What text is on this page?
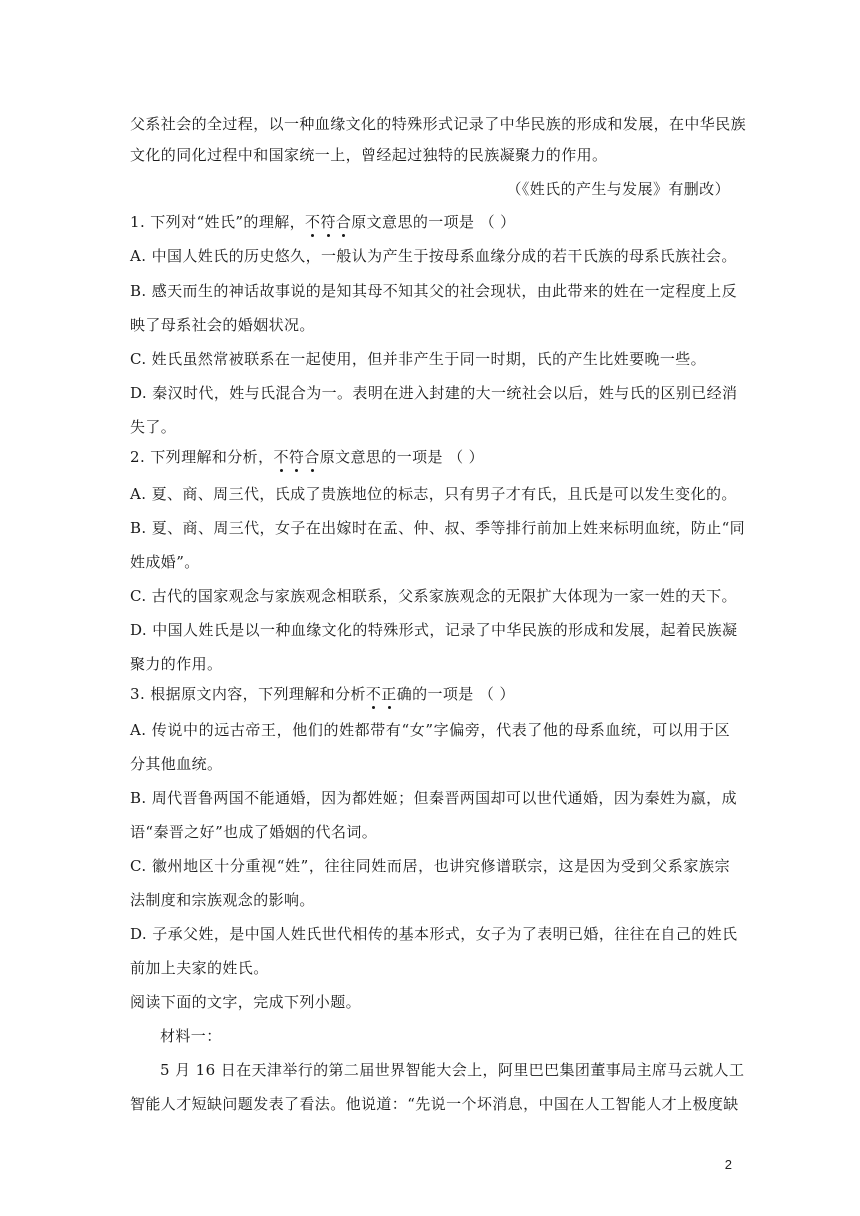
父系社会的全过程，以一种血缘文化的特殊形式记录了中华民族的形成和发展，在中华民族
文化的同化过程中和国家统一上，曾经起过独特的民族凝聚力的作用。
（《姓氏的产生与发展》有删改）
1. 下列对“姓氏”的理解，不符合原文意思的一项是 （ ）
A. 中国人姓氏的历史悠久，一般认为产生于按母系血缘分成的若干氏族的母系氏族社会。
B. 感天而生的神话故事说的是知其母不知其父的社会现状，由此带来的姓在一定程度上反
映了母系社会的婚姻状况。
C. 姓氏虽然常被联系在一起使用，但并非产生于同一时期，氏的产生比姓要晚一些。
D. 秦汉时代，姓与氏混合为一。表明在进入封建的大一统社会以后，姓与氏的区别已经消
失了。
2. 下列理解和分析，不符合原文意思的一项是 （ ）
A. 夏、商、周三代，氏成了贵族地位的标志，只有男子才有氏，且氏是可以发生变化的。
B. 夏、商、周三代，女子在出嫁时在孟、仲、叔、季等排行前加上姓来标明血统，防止“同
姓成婚”。
C. 古代的国家观念与家族观念相联系，父系家族观念的无限扩大体现为一家一姓的天下。
D. 中国人姓氏是以一种血缘文化的特殊形式，记录了中华民族的形成和发展，起着民族凝
聚力的作用。
3. 根据原文内容，下列理解和分析不正确的一项是 （ ）
A. 传说中的远古帝王，他们的姓都带有“女”字偏旁，代表了他的母系血统，可以用于区
分其他血统。
B. 周代晋鲁两国不能通婚，因为都姓姬；但秦晋两国却可以世代通婚，因为秦姓为嬴，成
语“秦晋之好”也成了婚姻的代名词。
C. 徽州地区十分重视“姓”，往往同姓而居，也讲究修谱联宗，这是因为受到父系家族宗
法制度和宗族观念的影响。
D. 子承父姓，是中国人姓氏世代相传的基本形式，女子为了表明已婚，往往在自己的姓氏
前加上夫家的姓氏。
阅读下面的文字，完成下列小题。
材料一：
5 月 16 日在天津举行的第二届世界智能大会上，阿里巴巴集团董事局主席马云就人工
智能人才短缺问题发表了看法。他说道：“先说一个坏消息，中国在人工智能人才上极度缺
2
